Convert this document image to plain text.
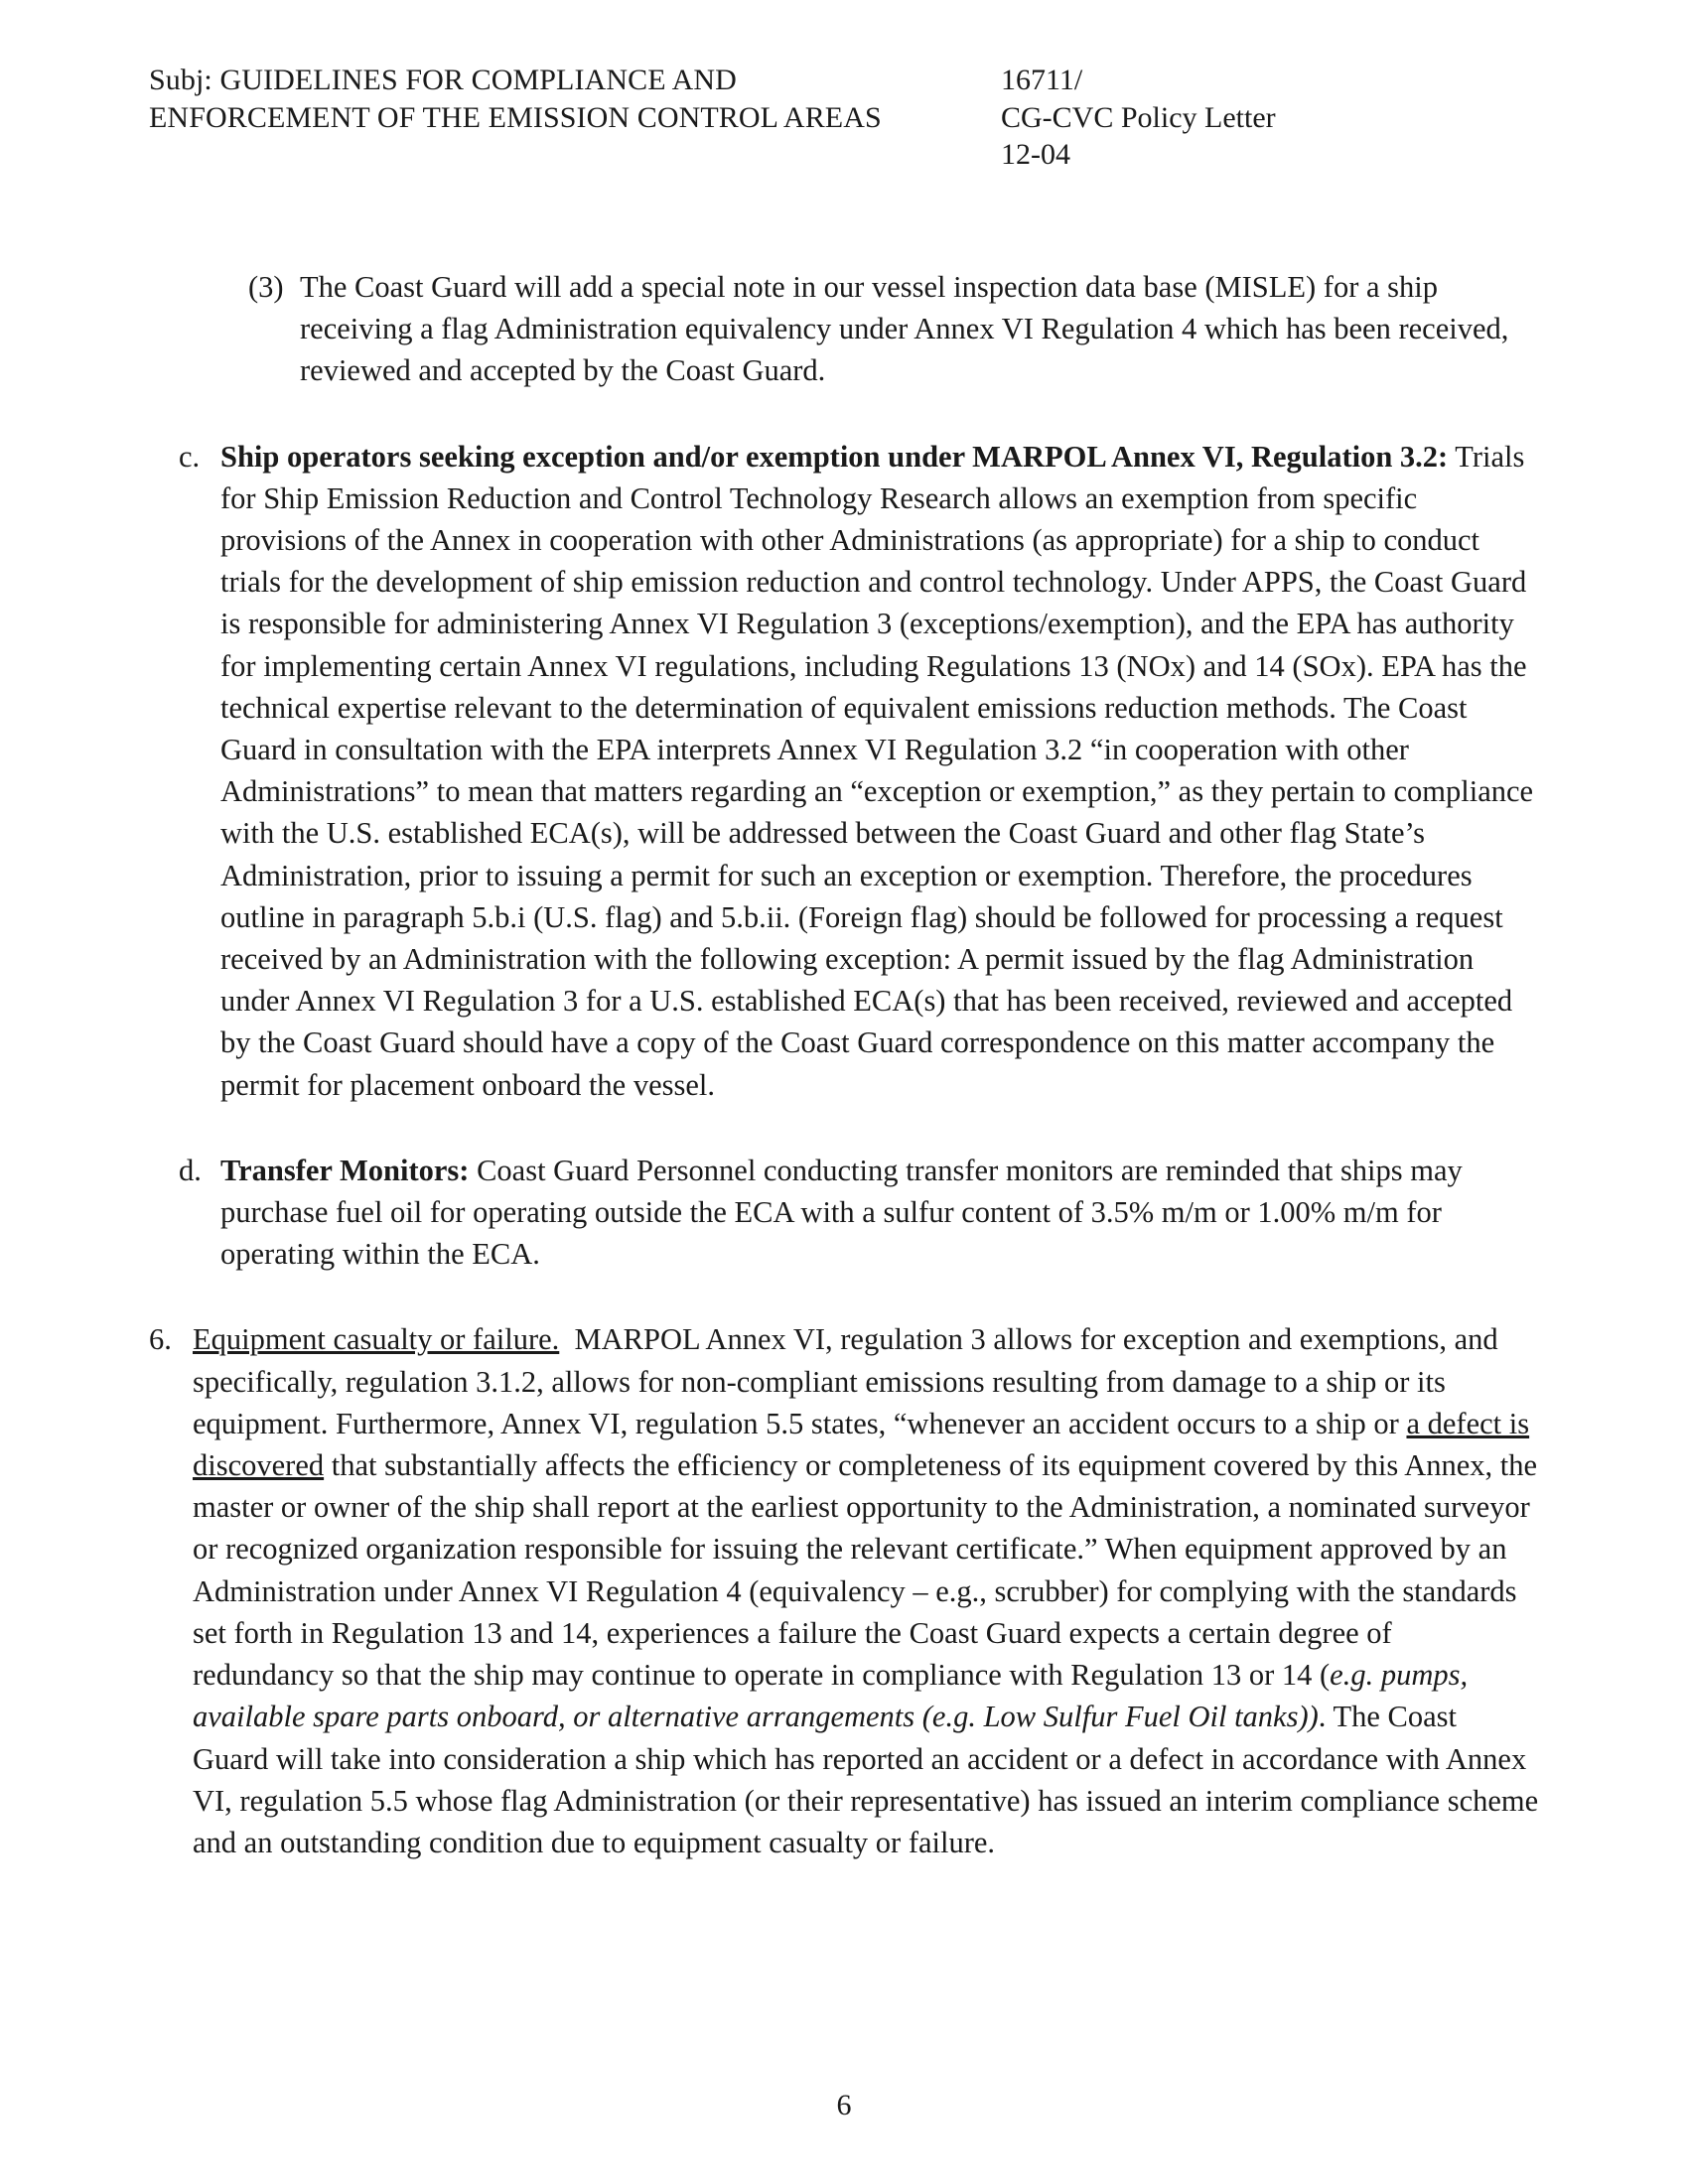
Subj: GUIDELINES FOR COMPLIANCE AND
ENFORCEMENT OF THE EMISSION CONTROL AREAS
16711/
CG-CVC Policy Letter
12-04
(3) The Coast Guard will add a special note in our vessel inspection data base (MISLE) for a ship receiving a flag Administration equivalency under Annex VI Regulation 4 which has been received, reviewed and accepted by the Coast Guard.
c. Ship operators seeking exception and/or exemption under MARPOL Annex VI, Regulation 3.2: Trials for Ship Emission Reduction and Control Technology Research allows an exemption from specific provisions of the Annex in cooperation with other Administrations (as appropriate) for a ship to conduct trials for the development of ship emission reduction and control technology. Under APPS, the Coast Guard is responsible for administering Annex VI Regulation 3 (exceptions/exemption), and the EPA has authority for implementing certain Annex VI regulations, including Regulations 13 (NOx) and 14 (SOx). EPA has the technical expertise relevant to the determination of equivalent emissions reduction methods. The Coast Guard in consultation with the EPA interprets Annex VI Regulation 3.2 “in cooperation with other Administrations” to mean that matters regarding an “exception or exemption,” as they pertain to compliance with the U.S. established ECA(s), will be addressed between the Coast Guard and other flag State’s Administration, prior to issuing a permit for such an exception or exemption. Therefore, the procedures outline in paragraph 5.b.i (U.S. flag) and 5.b.ii. (Foreign flag) should be followed for processing a request received by an Administration with the following exception: A permit issued by the flag Administration under Annex VI Regulation 3 for a U.S. established ECA(s) that has been received, reviewed and accepted by the Coast Guard should have a copy of the Coast Guard correspondence on this matter accompany the permit for placement onboard the vessel.
d. Transfer Monitors: Coast Guard Personnel conducting transfer monitors are reminded that ships may purchase fuel oil for operating outside the ECA with a sulfur content of 3.5% m/m or 1.00% m/m for operating within the ECA.
6. Equipment casualty or failure. MARPOL Annex VI, regulation 3 allows for exception and exemptions, and specifically, regulation 3.1.2, allows for non-compliant emissions resulting from damage to a ship or its equipment. Furthermore, Annex VI, regulation 5.5 states, “whenever an accident occurs to a ship or a defect is discovered that substantially affects the efficiency or completeness of its equipment covered by this Annex, the master or owner of the ship shall report at the earliest opportunity to the Administration, a nominated surveyor or recognized organization responsible for issuing the relevant certificate.” When equipment approved by an Administration under Annex VI Regulation 4 (equivalency – e.g., scrubber) for complying with the standards set forth in Regulation 13 and 14, experiences a failure the Coast Guard expects a certain degree of redundancy so that the ship may continue to operate in compliance with Regulation 13 or 14 (e.g. pumps, available spare parts onboard, or alternative arrangements (e.g. Low Sulfur Fuel Oil tanks)). The Coast Guard will take into consideration a ship which has reported an accident or a defect in accordance with Annex VI, regulation 5.5 whose flag Administration (or their representative) has issued an interim compliance scheme and an outstanding condition due to equipment casualty or failure.
6
